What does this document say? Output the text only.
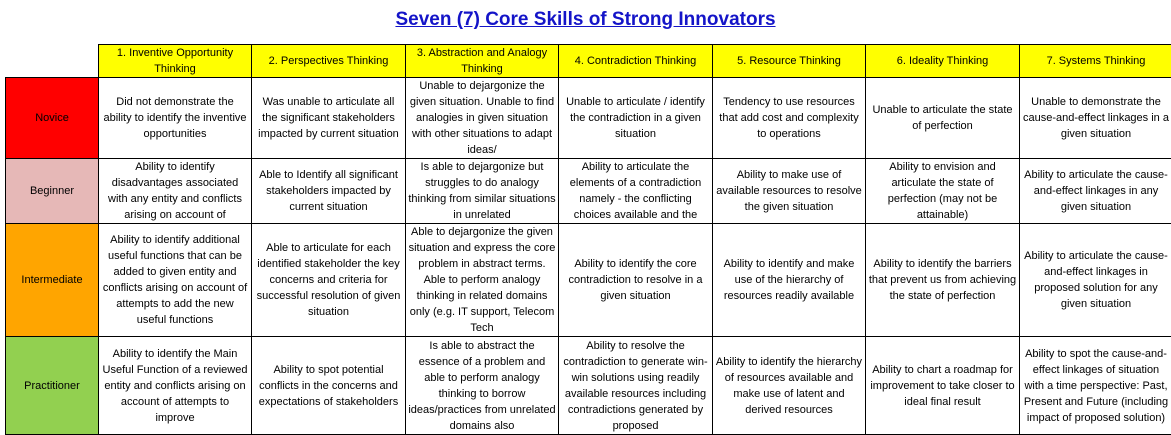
Seven (7) Core Skills of Strong Innovators
	1. Inventive Opportunity Thinking	2. Perspectives Thinking	3. Abstraction and Analogy Thinking	4. Contradiction Thinking	5. Resource Thinking	6. Ideality Thinking	7. Systems Thinking
Novice	Did not demonstrate the ability to identify the inventive opportunities	Was unable to articulate all the significant stakeholders impacted by current situation	Unable to dejargonize the given situation. Unable to find analogies in given situation with other situations to adapt ideas/	Unable to articulate / identify the contradiction in a given situation	Tendency to use resources that add cost and complexity to operations	Unable to articulate the state of perfection	Unable to demonstrate the cause-and-effect linkages in a given situation
Beginner	Ability to identify disadvantages associated with any entity and conflicts arising on account of	Able to Identify all significant stakeholders impacted by current situation	Is able to dejargonize but struggles to do analogy thinking from similar situations in unrelated	Ability to articulate the elements of a contradiction namely - the conflicting choices available and the	Ability to make use of available resources to resolve the given situation	Ability to envision and articulate the state of perfection (may not be attainable)	Ability to articulate the cause-and-effect linkages in any given situation
Intermediate	Ability to identify additional useful functions that can be added to given entity and conflicts arising on account of attempts to add the new useful functions	Able to articulate for each identified stakeholder the key concerns and criteria for successful resolution of given situation	Able to dejargonize the given situation and express the core problem in abstract terms. Able to perform analogy thinking in related domains only (e.g. IT support, Telecom Tech	Ability to identify the core contradiction to resolve in a given situation	Ability to identify and make use of the hierarchy of resources readily available	Ability to identify the barriers that prevent us from achieving the state of perfection	Ability to articulate the cause-and-effect linkages in proposed solution for any given situation
Practitioner	Ability to identify the Main Useful Function of a reviewed entity and conflicts arising on account of attempts to improve	Ability to spot potential conflicts in the concerns and expectations of stakeholders	Is able to abstract the essence of a problem and able to perform analogy thinking to borrow ideas/practices from unrelated domains also	Ability to resolve the contradiction to generate win-win solutions using readily available resources including contradictions generated by proposed	Ability to identify the hierarchy of resources available and make use of latent and derived resources	Ability to chart a roadmap for improvement to take closer to ideal final result	Ability to spot the cause-and-effect linkages of situation with a time perspective: Past, Present and Future (including impact of proposed solution)
